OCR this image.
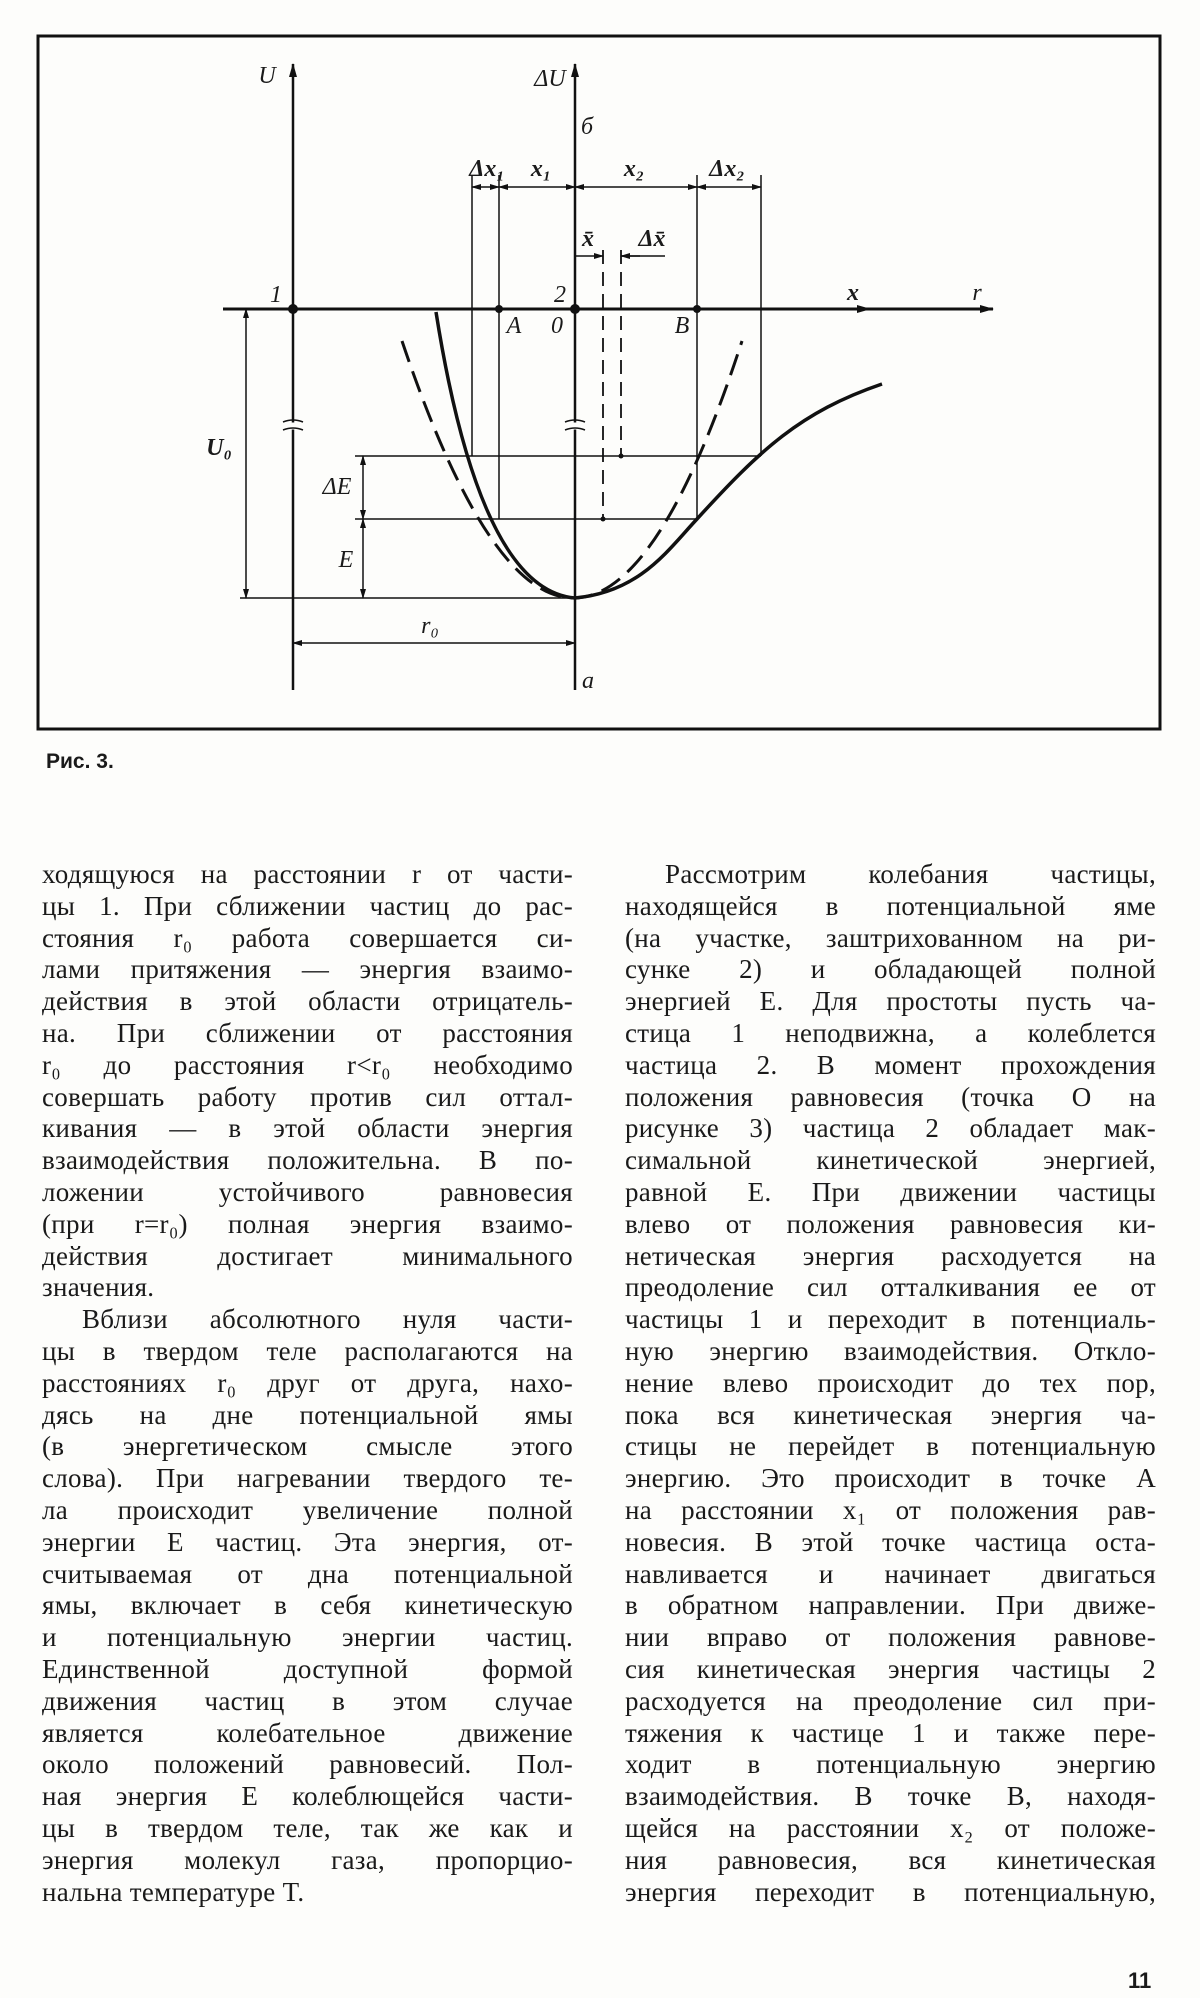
U	ΔU
б
Δx₁ x₁	x₂	Δx₂
x̄ Δx̄
x	r
1	2
A 0	B
U₀
ΔE
E
r₀
a
Рис. 3.
ходящуюся на расстоянии r от части-
цы 1. При сближении частиц до рас-
стояния r₀ работа совершается си-
лами притяжения — энергия взаимо-
действия в этой области отрицатель-
на. При сближении от расстояния
r₀ до расстояния r<r₀ необходимо
совершать работу против сил оттал-
кивания — в этой области энергия
взаимодействия положительна. В по-
ложении устойчивого равновесия
(при r=r₀) полная энергия взаимо-
действия достигает минимального
значения.
Вблизи абсолютного нуля части-
цы в твердом теле располагаются на
расстояниях r₀ друг от друга, нахо-
дясь на дне потенциальной ямы
(в энергетическом смысле этого
слова). При нагревании твердого те-
ла происходит увеличение полной
энергии E частиц. Эта энергия, от-
считываемая от дна потенциальной
ямы, включает в себя кинетическую
и потенциальную энергии частиц.
Единственной доступной формой
движения частиц в этом случае
является колебательное движение
около положений равновесий. Пол-
ная энергия E колеблющейся части-
цы в твердом теле, так же как и
энергия молекул газа, пропорцио-
нальна температуре T.
Рассмотрим колебания частицы,
находящейся в потенциальной яме
(на участке, заштрихованном на ри-
сунке 2) и обладающей полной
энергией E. Для простоты пусть ча-
стица 1 неподвижна, а колеблется
частица 2. В момент прохождения
положения равновесия (точка O на
рисунке 3) частица 2 обладает мак-
симальной кинетической энергией,
равной E. При движении частицы
влево от положения равновесия ки-
нетическая энергия расходуется на
преодоление сил отталкивания ее от
частицы 1 и переходит в потенциаль-
ную энергию взаимодействия. Откло-
нение влево происходит до тех пор,
пока вся кинетическая энергия ча-
стицы не перейдет в потенциальную
энергию. Это происходит в точке A
на расстоянии x₁ от положения рав-
новесия. В этой точке частица оста-
навливается и начинает двигаться
в обратном направлении. При движе-
нии вправо от положения равнове-
сия кинетическая энергия частицы 2
расходуется на преодоление сил при-
тяжения к частице 1 и также пере-
ходит в потенциальную энергию
взаимодействия. В точке B, находя-
щейся на расстоянии x₂ от положе-
ния равновесия, вся кинетическая
энергия переходит в потенциальную,
11
